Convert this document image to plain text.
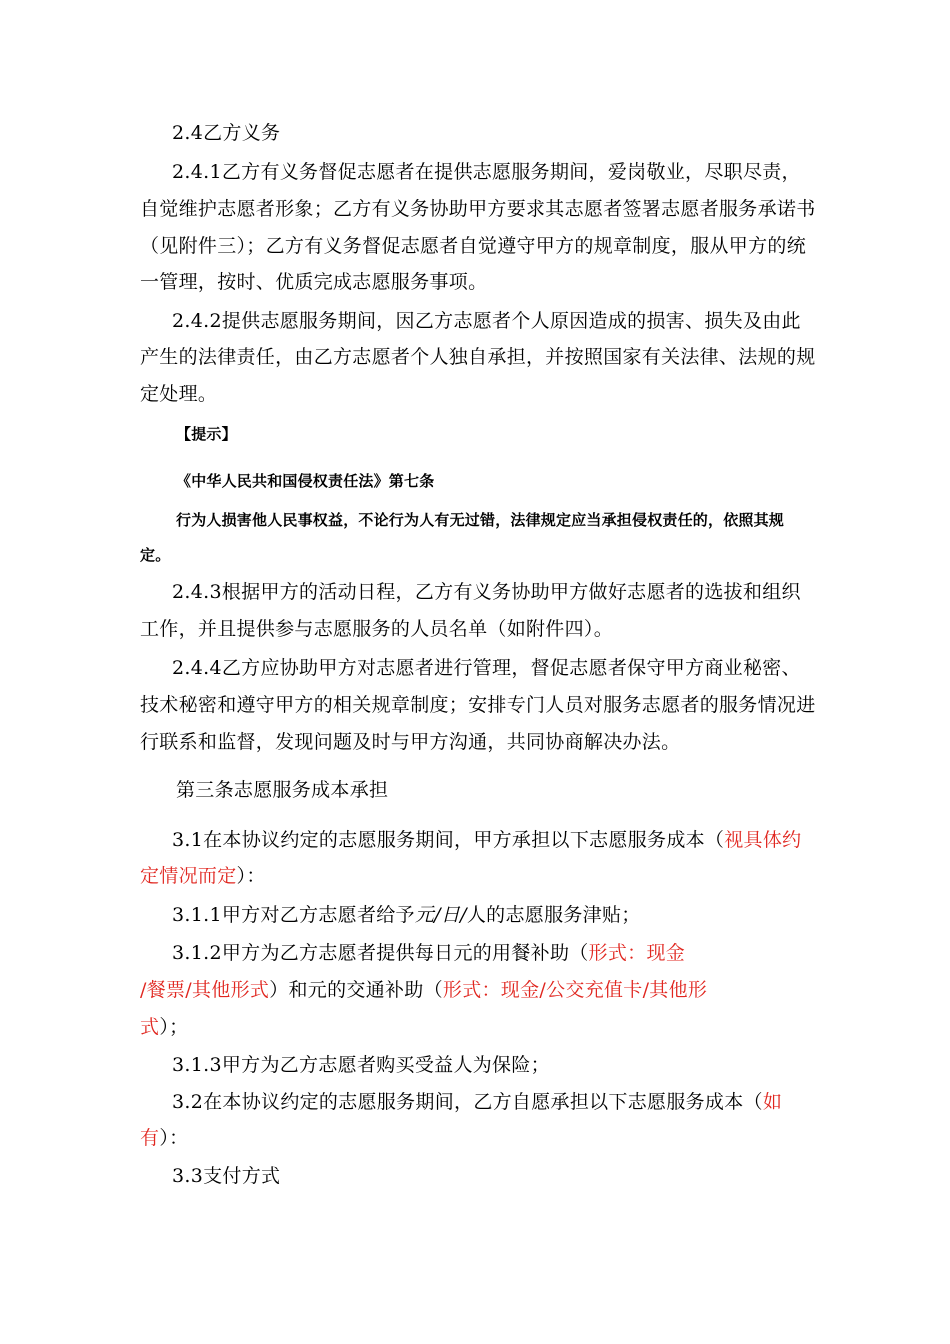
2.4乙方义务
2.4.1乙方有义务督促志愿者在提供志愿服务期间，爱岗敬业，尽职尽责，
自觉维护志愿者形象；乙方有义务协助甲方要求其志愿者签署志愿者服务承诺书
（见附件三）；乙方有义务督促志愿者自觉遵守甲方的规章制度，服从甲方的统
一管理，按时、优质完成志愿服务事项。
2.4.2提供志愿服务期间，因乙方志愿者个人原因造成的损害、损失及由此
产生的法律责任，由乙方志愿者个人独自承担，并按照国家有关法律、法规的规
定处理。
【提示】
《中华人民共和国侵权责任法》第七条
行为人损害他人民事权益，不论行为人有无过错，法律规定应当承担侵权责任的，依照其规
定。
2.4.3根据甲方的活动日程，乙方有义务协助甲方做好志愿者的选拔和组织
工作，并且提供参与志愿服务的人员名单（如附件四）。
2.4.4乙方应协助甲方对志愿者进行管理，督促志愿者保守甲方商业秘密、
技术秘密和遵守甲方的相关规章制度；安排专门人员对服务志愿者的服务情况进
行联系和监督，发现问题及时与甲方沟通，共同协商解决办法。
第三条志愿服务成本承担
3.1在本协议约定的志愿服务期间，甲方承担以下志愿服务成本（视具体约
定情况而定）：
3.1.1甲方对乙方志愿者给予元/日/人的志愿服务津贴；
3.1.2甲方为乙方志愿者提供每日元的用餐补助（形式：现金
/餐票/其他形式）和元的交通补助（形式：现金/公交充值卡/其他形
式）；
3.1.3甲方为乙方志愿者购买受益人为保险；
3.2在本协议约定的志愿服务期间，乙方自愿承担以下志愿服务成本（如
有）：
3.3支付方式
